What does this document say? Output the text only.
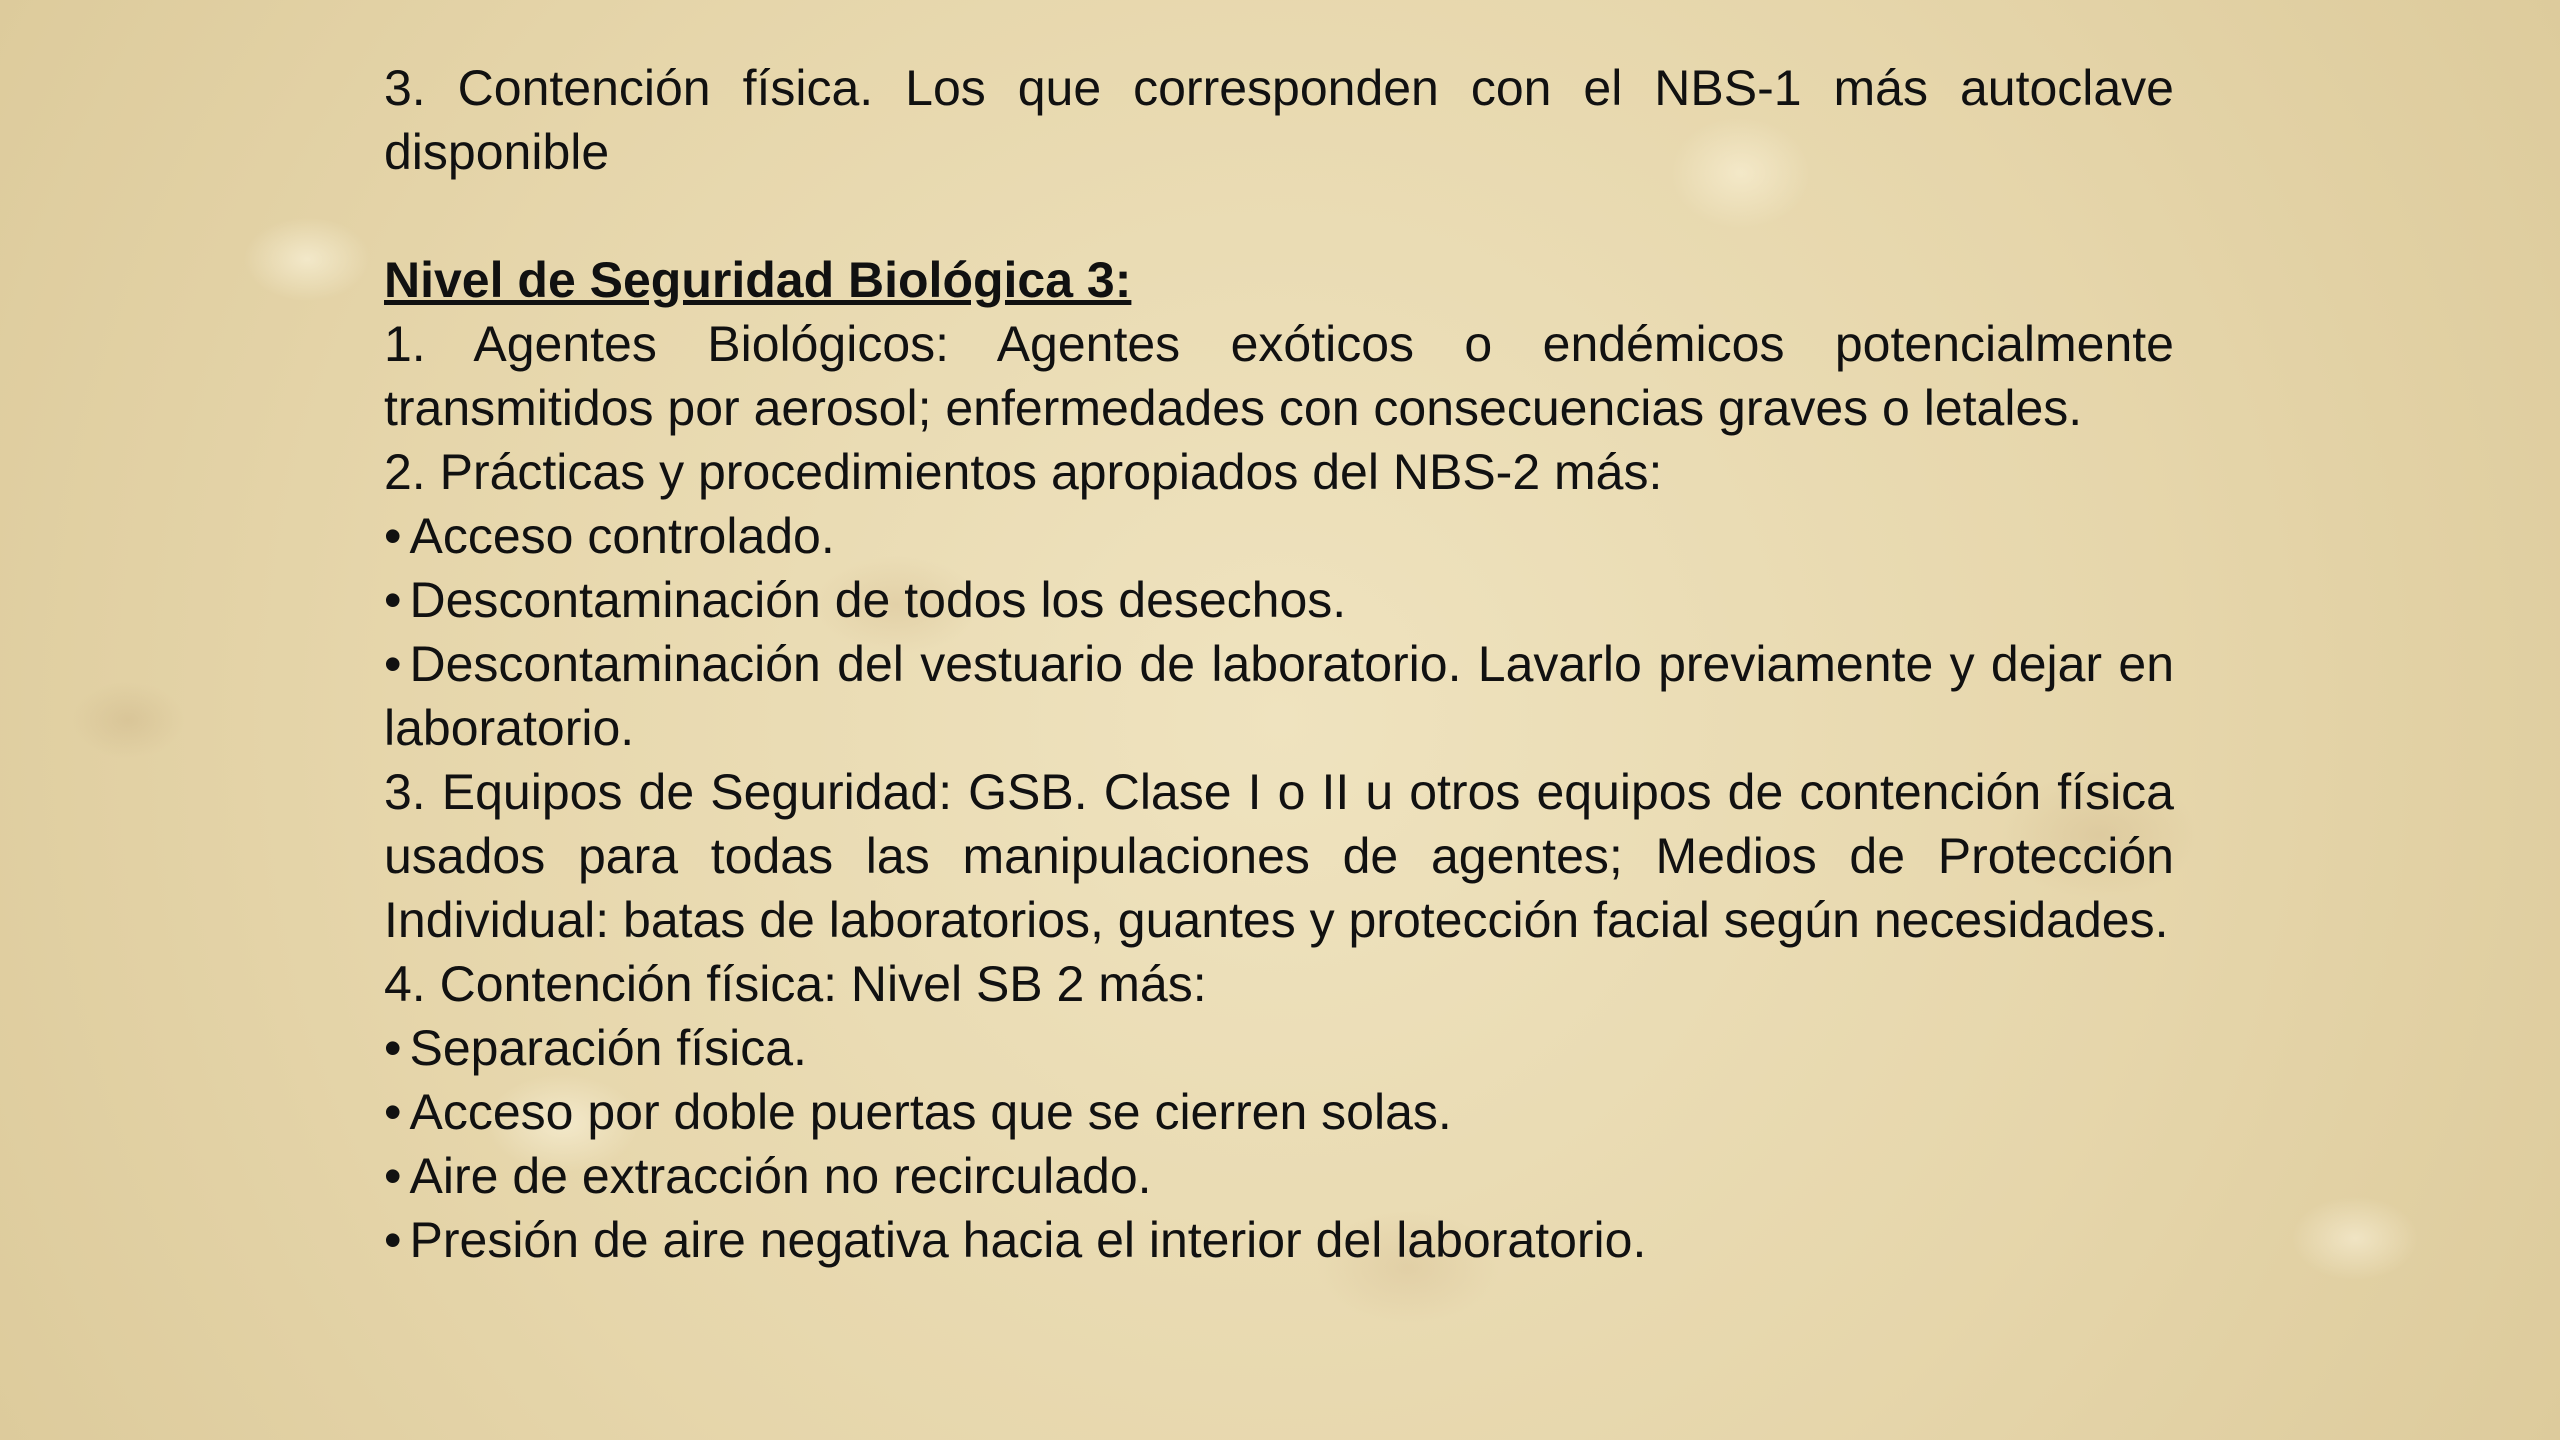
3. Contención física. Los que corresponden con el NBS-1 más autoclave disponible

Nivel de Seguridad Biológica 3:

1. Agentes Biológicos: Agentes exóticos o endémicos potencialmente transmitidos por aerosol; enfermedades con consecuencias graves o letales.

2. Prácticas y procedimientos apropiados del NBS-2 más:

• Acceso controlado.

• Descontaminación de todos los desechos.

• Descontaminación del vestuario de laboratorio. Lavarlo previamente y dejar en laboratorio.

3. Equipos de Seguridad: GSB. Clase I o II u otros equipos de contención física usados para todas las manipulaciones de agentes; Medios de Protección Individual: batas de laboratorios, guantes y protección facial según necesidades.

4. Contención física: Nivel SB 2 más:

• Separación física.

• Acceso por doble puertas que se cierren solas.

• Aire de extracción no recirculado.

• Presión de aire negativa hacia el interior del laboratorio.
